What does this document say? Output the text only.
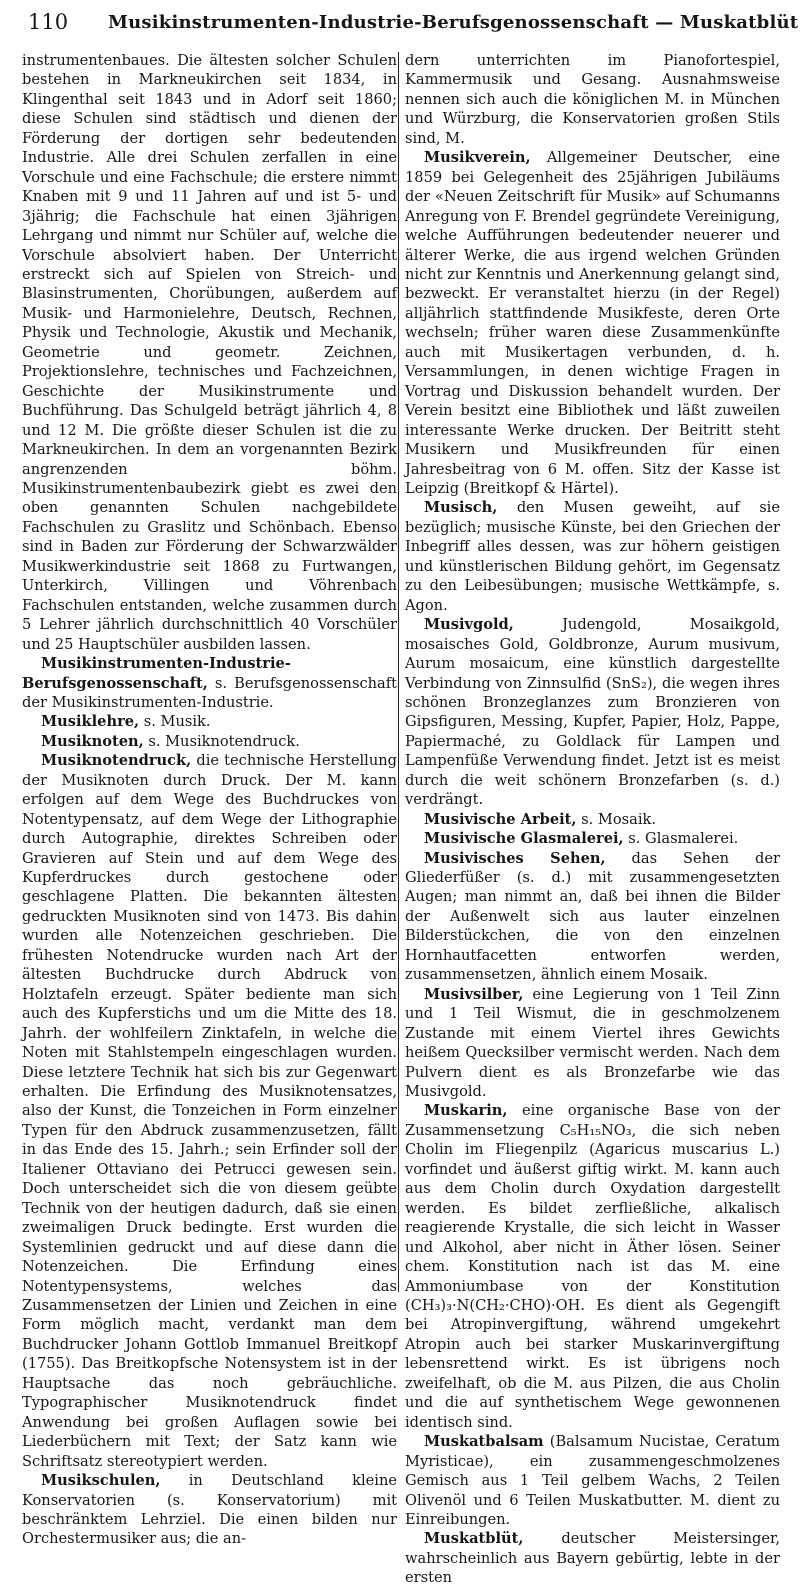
110 Musikinstrumenten-Industrie-Berufsgenossenschaft — Muskatblüt

instrumentenbaues. Die ältesten solcher Schulen bestehen in Markneukirchen seit 1834, in Klingenthal seit 1843 und in Adorf seit 1860; diese Schulen sind städtisch und dienen der Förderung der dortigen sehr bedeutenden Industrie. Alle drei Schulen zerfallen in eine Vorschule und eine Fachschule; die erstere nimmt Knaben mit 9 und 11 Jahren auf und ist 5- und 3jährig; die Fachschule hat einen 3jährigen Lehrgang und nimmt nur Schüler auf, welche die Vorschule absolviert haben. Der Unterricht erstreckt sich auf Spielen von Streich- und Blasinstrumenten, Chorübungen, außerdem auf Musik- und Harmonielehre, Deutsch, Rechnen, Physik und Technologie, Akustik und Mechanik, Geometrie und geometr. Zeichnen, Projektionslehre, technisches und Fachzeichnen, Geschichte der Musikinstrumente und Buchführung. Das Schulgeld beträgt jährlich 4, 8 und 12 M. Die größte dieser Schulen ist die zu Markneukirchen. In dem an vorgenannten Bezirk angrenzenden böhm. Musikinstrumentenbaubezirk giebt es zwei den oben genannten Schulen nachgebildete Fachschulen zu Graslitz und Schönbach. Ebenso sind in Baden zur Förderung der Schwarzwälder Musikwerkindustrie seit 1868 zu Furtwangen, Unterkirch, Villingen und Vöhrenbach Fachschulen entstanden, welche zusammen durch 5 Lehrer jährlich durchschnittlich 40 Vorschüler und 25 Hauptschüler ausbilden lassen.

Musikinstrumenten-Industrie-Berufsgenossenschaft, s. Berufsgenossenschaft der Musikinstrumenten-Industrie.

Musiklehre, s. Musik.

Musiknoten, s. Musiknotendruck.

Musiknotendruck, die technische Herstellung der Musiknoten durch Druck. Der M. kann erfolgen auf dem Wege des Buchdruckes von Notentypensatz, auf dem Wege der Lithographie durch Autographie, direktes Schreiben oder Gravieren auf Stein und auf dem Wege des Kupferdruckes durch gestochene oder geschlagene Platten. Die bekannten ältesten gedruckten Musiknoten sind von 1473. Bis dahin wurden alle Notenzeichen geschrieben. Die frühesten Notendrucke wurden nach Art der ältesten Buchdrucke durch Abdruck von Holztafeln erzeugt. Später bediente man sich auch des Kupferstichs und um die Mitte des 18. Jahrh. der wohlfeilern Zinktafeln, in welche die Noten mit Stahlstempeln eingeschlagen wurden. Diese letztere Technik hat sich bis zur Gegenwart erhalten. Die Erfindung des Musiknotensatzes, also der Kunst, die Tonzeichen in Form einzelner Typen für den Abdruck zusammenzusetzen, fällt in das Ende des 15. Jahrh.; sein Erfinder soll der Italiener Ottaviano dei Petrucci gewesen sein. Doch unterscheidet sich die von diesem geübte Technik von der heutigen dadurch, daß sie einen zweimaligen Druck bedingte. Erst wurden die Systemlinien gedruckt und auf diese dann die Notenzeichen. Die Erfindung eines Notentypensystems, welches das Zusammensetzen der Linien und Zeichen in eine Form möglich macht, verdankt man dem Buchdrucker Johann Gottlob Immanuel Breitkopf (1755). Das Breitkopfsche Notensystem ist in der Hauptsache das noch gebräuchliche. Typographischer Musiknotendruck findet Anwendung bei großen Auflagen sowie bei Liederbüchern mit Text; der Satz kann wie Schriftsatz stereotypiert werden.

Musikschulen, in Deutschland kleine Konservatorien (s. Konservatorium) mit beschränktem Lehrziel. Die einen bilden nur Orchestermusiker aus; die an-

dern unterrichten im Pianofortespiel, Kammermusik und Gesang. Ausnahmsweise nennen sich auch die königlichen M. in München und Würzburg, die Konservatorien großen Stils sind, M.

Musikverein, Allgemeiner Deutscher, eine 1859 bei Gelegenheit des 25jährigen Jubiläums der «Neuen Zeitschrift für Musik» auf Schumanns Anregung von F. Brendel gegründete Vereinigung, welche Aufführungen bedeutender neuerer und älterer Werke, die aus irgend welchen Gründen nicht zur Kenntnis und Anerkennung gelangt sind, bezweckt. Er veranstaltet hierzu (in der Regel) alljährlich stattfindende Musikfeste, deren Orte wechseln; früher waren diese Zusammenkünfte auch mit Musikertagen verbunden, d. h. Versammlungen, in denen wichtige Fragen in Vortrag und Diskussion behandelt wurden. Der Verein besitzt eine Bibliothek und läßt zuweilen interessante Werke drucken. Der Beitritt steht Musikern und Musikfreunden für einen Jahresbeitrag von 6 M. offen. Sitz der Kasse ist Leipzig (Breitkopf & Härtel).

Musisch, den Musen geweiht, auf sie bezüglich; musische Künste, bei den Griechen der Inbegriff alles dessen, was zur höhern geistigen und künstlerischen Bildung gehört, im Gegensatz zu den Leibesübungen; musische Wettkämpfe, s. Agon.

Musivgold, Judengold, Mosaikgold, mosaisches Gold, Goldbronze, Aurum musivum, Aurum mosaicum, eine künstlich dargestellte Verbindung von Zinnsulfid (SnS₂), die wegen ihres schönen Bronzeglanzes zum Bronzieren von Gipsfiguren, Messing, Kupfer, Papier, Holz, Pappe, Papiermaché, zu Goldlack für Lampen und Lampenfüße Verwendung findet. Jetzt ist es meist durch die weit schönern Bronzefarben (s. d.) verdrängt.

Musivische Arbeit, s. Mosaik.

Musivische Glasmalerei, s. Glasmalerei.

Musivisches Sehen, das Sehen der Gliederfüßer (s. d.) mit zusammengesetzten Augen; man nimmt an, daß bei ihnen die Bilder der Außenwelt sich aus lauter einzelnen Bilderstückchen, die von den einzelnen Hornhautfacetten entworfen werden, zusammensetzen, ähnlich einem Mosaik.

Musivsilber, eine Legierung von 1 Teil Zinn und 1 Teil Wismut, die in geschmolzenem Zustande mit einem Viertel ihres Gewichts heißem Quecksilber vermischt werden. Nach dem Pulvern dient es als Bronzefarbe wie das Musivgold.

Muskarin, eine organische Base von der Zusammensetzung C₅H₁₅NO₃, die sich neben Cholin im Fliegenpilz (Agaricus muscarius L.) vorfindet und äußerst giftig wirkt. M. kann auch aus dem Cholin durch Oxydation dargestellt werden. Es bildet zerfließliche, alkalisch reagierende Krystalle, die sich leicht in Wasser und Alkohol, aber nicht in Äther lösen. Seiner chem. Konstitution nach ist das M. eine Ammoniumbase von der Konstitution (CH₃)₃·N(CH₂·CHO)·OH. Es dient als Gegengift bei Atropinvergiftung, während umgekehrt Atropin auch bei starker Muskarinvergiftung lebensrettend wirkt. Es ist übrigens noch zweifelhaft, ob die M. aus Pilzen, die aus Cholin und die auf synthetischem Wege gewonnenen identisch sind.

Muskatbalsam (Balsamum Nucistae, Ceratum Myristicae), ein zusammengeschmolzenes Gemisch aus 1 Teil gelbem Wachs, 2 Teilen Olivenöl und 6 Teilen Muskatbutter. M. dient zu Einreibungen.

Muskatblüt, deutscher Meistersinger, wahrscheinlich aus Bayern gebürtig, lebte in der ersten
